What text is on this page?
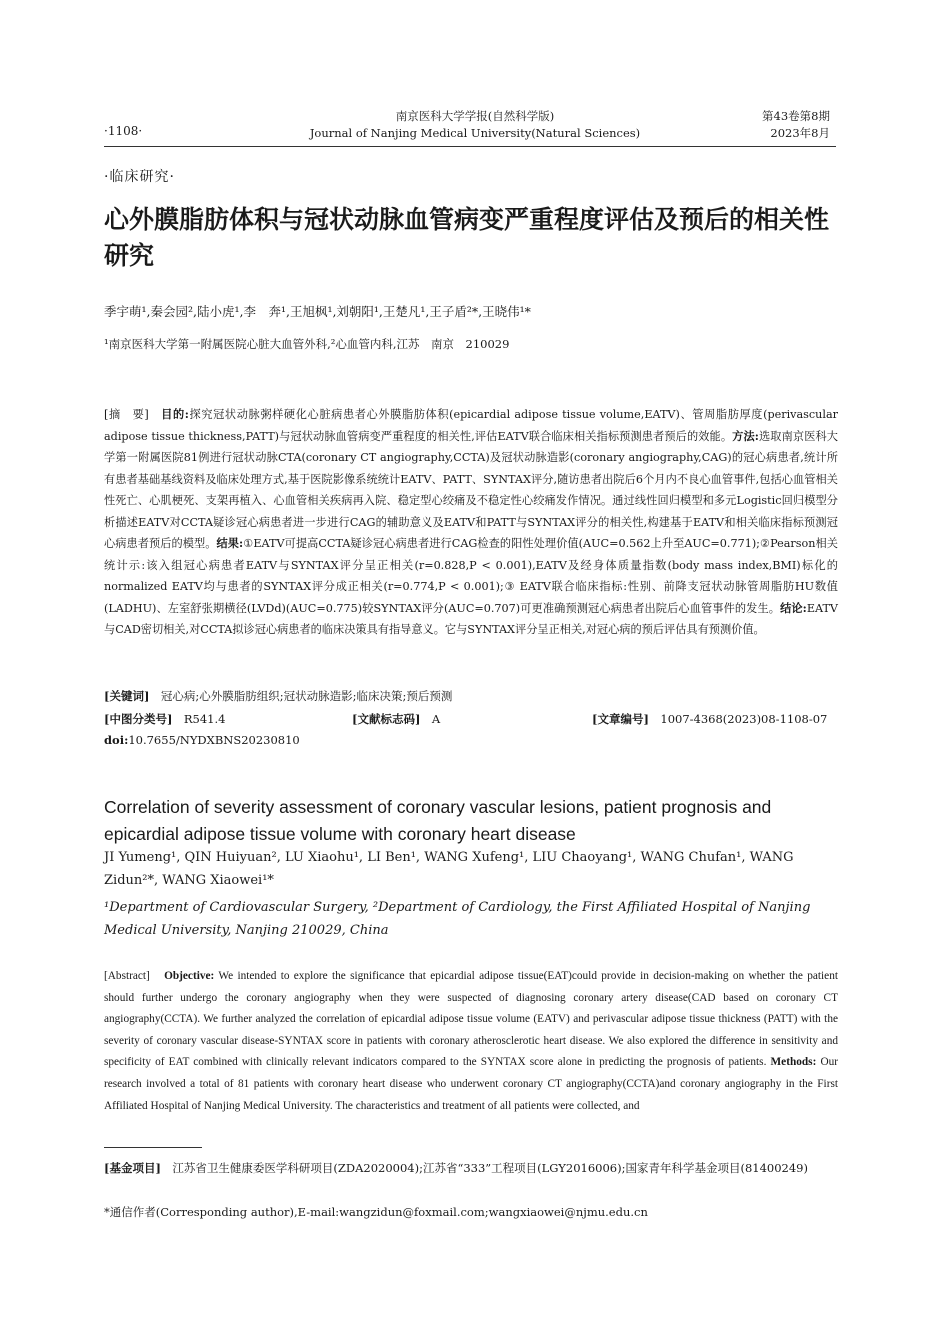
·1108·
南京医科大学学报(自然科学版)
Journal of Nanjing Medical University(Natural Sciences)
第43卷第8期
2023年8月
·临床研究·
心外膜脂肪体积与冠状动脉血管病变严重程度评估及预后的相关性研究
季宇萌¹,秦会园²,陆小虎¹,李　奔¹,王旭枫¹,刘朝阳¹,王楚凡¹,王子盾²*,王晓伟¹*
¹南京医科大学第一附属医院心脏大血管外科,²心血管内科,江苏　南京　210029
[摘　要]　 目的:探究冠状动脉粥样硬化心脏病患者心外膜脂肪体积(epicardial adipose tissue volume,EATV)、管周脂肪厚度(perivascular adipose tissue thickness,PATT)与冠状动脉血管病变严重程度的相关性,评估EATV联合临床相关指标预测患者预后的效能。方法:选取南京医科大学第一附属医院81例进行冠状动脉CTA(coronary CT angiography,CCTA)及冠状动脉造影(coronary angiography,CAG)的冠心病患者,统计所有患者基础基线资料及临床处理方式,基于医院影像系统统计EATV、PATT、SYNTAX评分,随访患者出院后6个月内不良心血管事件,包括心血管相关性死亡、心肌梗死、支架再植入、心血管相关疾病再入院、稳定型心绞痛及不稳定性心绞痛发作情况。通过线性回归模型和多元Logistic回归模型分析描述EATV对CCTA疑诊冠心病患者进一步进行CAG的辅助意义及EATV和PATT与SYNTAX评分的相关性,构建基于EATV和相关临床指标预测冠心病患者预后的模型。结果:①EATV可提高CCTA疑诊冠心病患者进行CAG检查的阳性处理价值(AUC=0.562上升至AUC=0.771);②Pearson相关统计示:该入组冠心病患者EATV与SYNTAX评分呈正相关(r=0.828,P < 0.001),EATV及经身体质量指数(body mass index,BMI)标化的normalized EATV均与患者的SYNTAX评分成正相关(r=0.774,P < 0.001);③ EATV联合临床指标:性别、前降支冠状动脉管周脂肪HU数值(LADHU)、左室舒张期横径(LVDd)(AUC=0.775)较SYNTAX评分(AUC=0.707)可更准确预测冠心病患者出院后心血管事件的发生。结论:EATV与CAD密切相关,对CCTA拟诊冠心病患者的临床决策具有指导意义。它与SYNTAX评分呈正相关,对冠心病的预后评估具有预测价值。
[关键词]　 冠心病;心外膜脂肪组织;冠状动脉造影;临床决策;预后预测
[中图分类号]　 R541.4	[文献标志码]　 A	[文章编号]　 1007-4368(2023)08-1108-07
doi:10.7655/NYDXBNS20230810
Correlation of severity assessment of coronary vascular lesions, patient prognosis and epicardial adipose tissue volume with coronary heart disease
JI Yumeng¹, QIN Huiyuan², LU Xiaohu¹, LI Ben¹, WANG Xufeng¹, LIU Chaoyang¹, WANG Chufan¹, WANG Zidun²*, WANG Xiaowei¹*
¹Department of Cardiovascular Surgery, ²Department of Cardiology, the First Affiliated Hospital of Nanjing Medical University, Nanjing 210029, China
[Abstract]　 Objective: We intended to explore the significance that epicardial adipose tissue(EAT)could provide in decision-making on whether the patient should further undergo the coronary angiography when they were suspected of diagnosing coronary artery disease(CAD based on coronary CT angiography(CCTA). We further analyzed the correlation of epicardial adipose tissue volume (EATV) and perivascular adipose tissue thickness (PATT) with the severity of coronary vascular disease-SYNTAX score in patients with coronary atherosclerotic heart disease. We also explored the difference in sensitivity and specificity of EAT combined with clinically relevant indicators compared to the SYNTAX score alone in predicting the prognosis of patients. Methods: Our research involved a total of 81 patients with coronary heart disease who underwent coronary CT angiography(CCTA)and coronary angiography in the First Affiliated Hospital of Nanjing Medical University. The characteristics and treatment of all patients were collected, and
[基金项目]　 江苏省卫生健康委医学科研项目(ZDA2020004);江苏省“333”工程项目(LGY2016006);国家青年科学基金项目(81400249)
*通信作者(Corresponding author),E-mail:wangzidun@foxmail.com;wangxiaowei@njmu.edu.cn
